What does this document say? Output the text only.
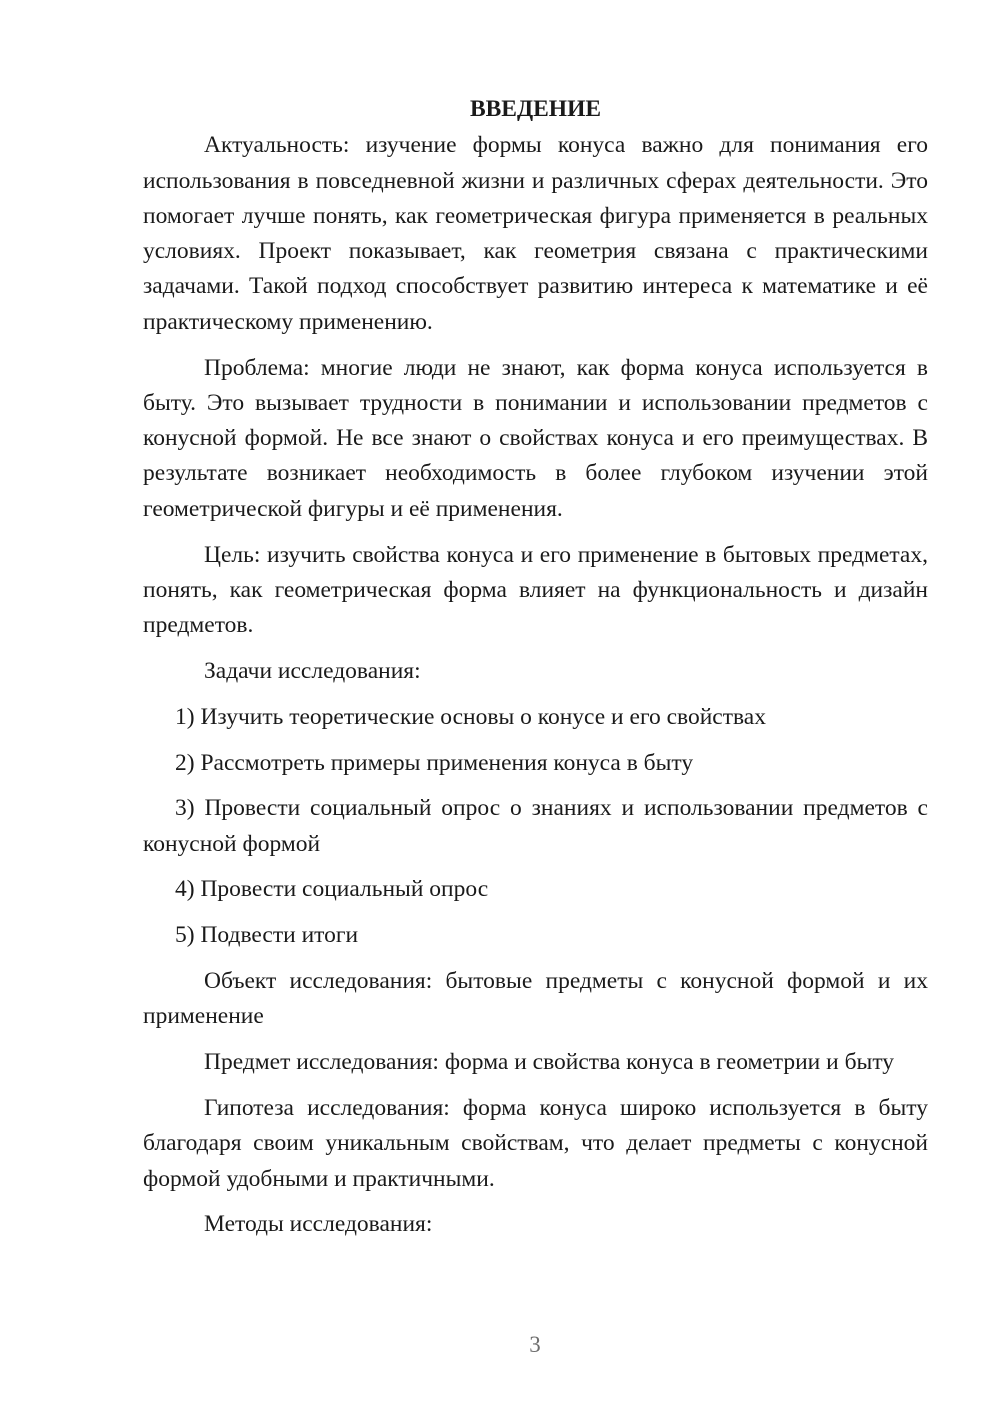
ВВЕДЕНИЕ

Актуальность: изучение формы конуса важно для понимания его использования в повседневной жизни и различных сферах деятельности. Это помогает лучше понять, как геометрическая фигура применяется в реальных условиях. Проект показывает, как геометрия связана с практическими задачами. Такой подход способствует развитию интереса к математике и её практическому применению.

Проблема: многие люди не знают, как форма конуса используется в быту. Это вызывает трудности в понимании и использовании предметов с конусной формой. Не все знают о свойствах конуса и его преимуществах. В результате возникает необходимость в более глубоком изучении этой геометрической фигуры и её применения.

Цель: изучить свойства конуса и его применение в бытовых предметах, понять, как геометрическая форма влияет на функциональность и дизайн предметов.

Задачи исследования:

1) Изучить теоретические основы о конусе и его свойствах

2) Рассмотреть примеры применения конуса в быту

3) Провести социальный опрос о знаниях и использовании предметов с конусной формой

4) Провести социальный опрос

5) Подвести итоги

Объект исследования: бытовые предметы с конусной формой и их применение

Предмет исследования: форма и свойства конуса в геометрии и быту

Гипотеза исследования: форма конуса широко используется в быту благодаря своим уникальным свойствам, что делает предметы с конусной формой удобными и практичными.

Методы исследования:

3
